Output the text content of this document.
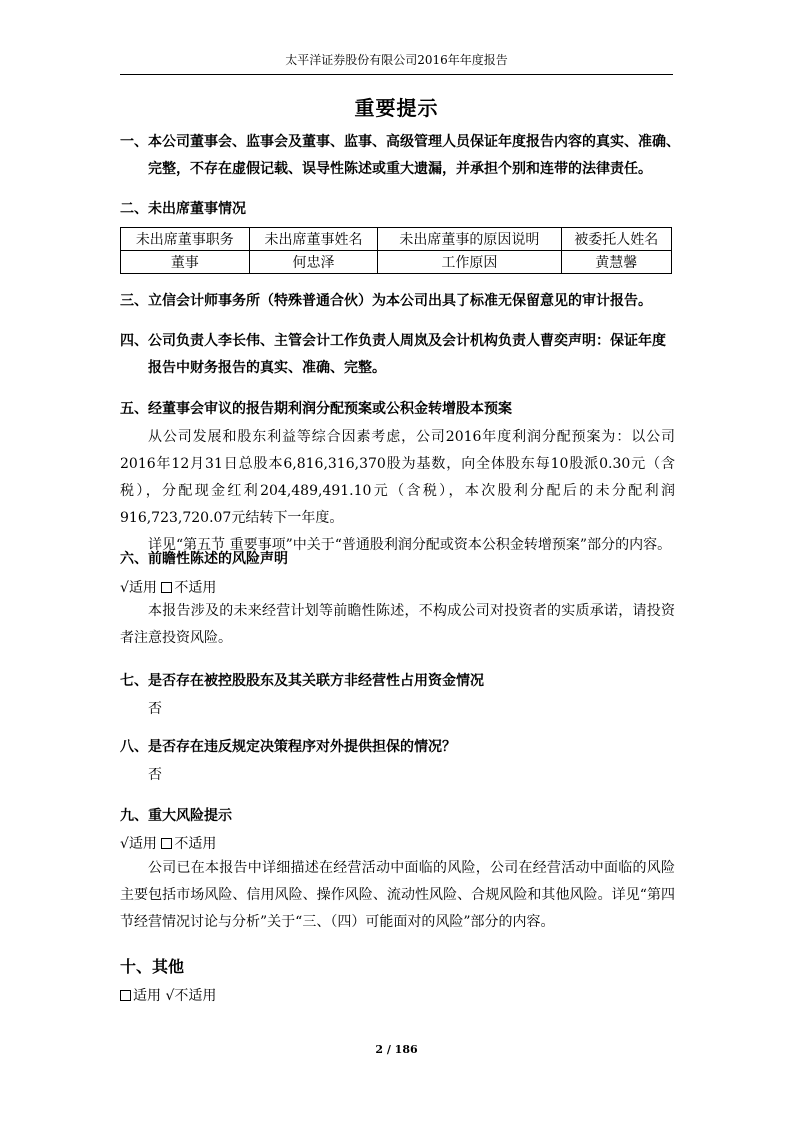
太平洋证券股份有限公司2016年年度报告
重要提示
一、本公司董事会、监事会及董事、监事、高级管理人员保证年度报告内容的真实、准确、
完整，不存在虚假记载、误导性陈述或重大遗漏，并承担个别和连带的法律责任。
二、未出席董事情况
未出席董事职务	未出席董事姓名	未出席董事的原因说明	被委托人姓名
董事	何忠泽	工作原因	黄慧馨
三、立信会计师事务所（特殊普通合伙）为本公司出具了标准无保留意见的审计报告。
四、公司负责人李长伟、主管会计工作负责人周岚及会计机构负责人曹奕声明：保证年度
报告中财务报告的真实、准确、完整。
五、经董事会审议的报告期利润分配预案或公积金转增股本预案
从公司发展和股东利益等综合因素考虑，公司2016年度利润分配预案为：以公司2016年12月31日总股本6,816,316,370股为基数，向全体股东每10股派0.30元（含税），分配现金红利204,489,491.10元（含税），本次股利分配后的未分配利润916,723,720.07元结转下一年度。
详见“第五节 重要事项”中关于“普通股利润分配或资本公积金转增预案”部分的内容。
六、前瞻性陈述的风险声明
√适用 不适用
本报告涉及的未来经营计划等前瞻性陈述，不构成公司对投资者的实质承诺，请投资者注意投资风险。
七、是否存在被控股股东及其关联方非经营性占用资金情况
否
八、是否存在违反规定决策程序对外提供担保的情况？
否
九、重大风险提示
√适用 不适用
公司已在本报告中详细描述在经营活动中面临的风险，公司在经营活动中面临的风险主要包括市场风险、信用风险、操作风险、流动性风险、合规风险和其他风险。详见“第四节经营情况讨论与分析”关于“三、（四）可能面对的风险”部分的内容。
十、其他
适用 √不适用
2 / 186
